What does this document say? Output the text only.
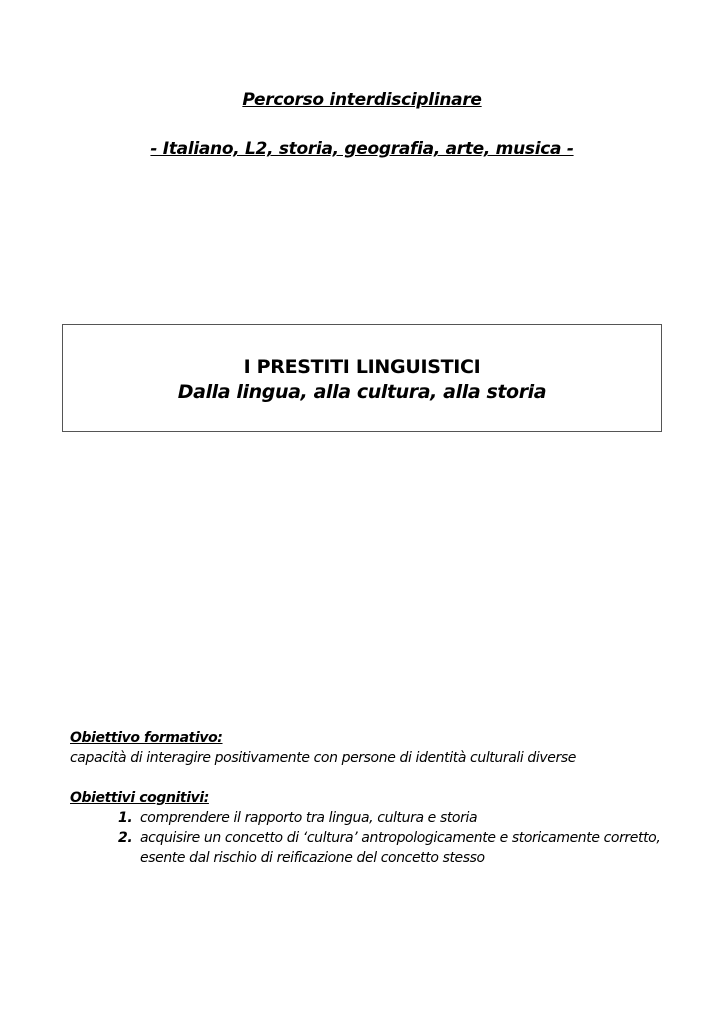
Percorso interdisciplinare
- Italiano, L2, storia, geografia, arte, musica -
I PRESTITI LINGUISTICI
Dalla lingua, alla cultura, alla storia
Obiettivo formativo:
capacità di interagire positivamente con persone di identità culturali diverse
Obiettivi cognitivi:
1. comprendere il rapporto tra lingua, cultura e storia
2. acquisire un concetto di ‘cultura’ antropologicamente e storicamente corretto, esente dal rischio di reificazione del concetto stesso
